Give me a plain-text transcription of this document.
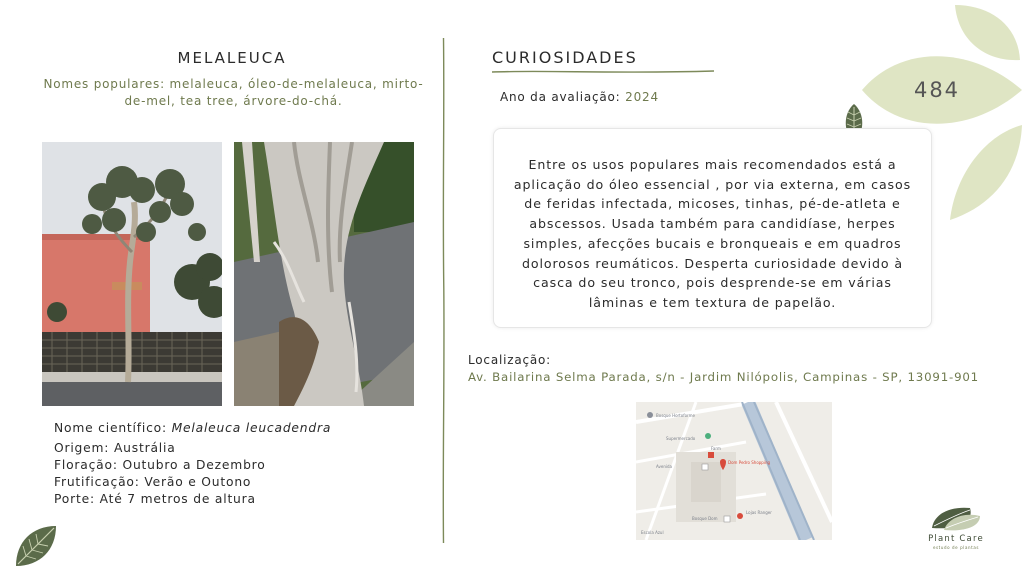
484
MELALEUCA
Nomes populares: melaleuca, óleo-de-melaleuca, mirto-de-mel, tea tree, árvore-do-chá.
Nome científico: Melaleuca leucadendra
Origem: Austrália
Floração: Outubro a Dezembro
Frutificação: Verão e Outono
Porte: Até 7 metros de altura
CURIOSIDADES
Ano da avaliação: 2024
Entre os usos populares mais recomendados está a aplicação do óleo essencial , por via externa, em casos de feridas infectada, micoses, tinhas, pé-de-atleta e abscessos. Usada também para candidíase, herpes simples, afecções bucais e bronqueais e em quadros dolorosos reumáticos. Desperta curiosidade devido à casca do seu tronco, pois desprende-se em várias lâminas e tem textura de papelão.
Localização:
Av. Bailarina Selma Parada, s/n - Jardim Nilópolis, Campinas - SP, 13091-901
Bosque Hortoforme
Supermercado
Farm
Dom Pedro Shopping
Avenida
Lojas Ranger
Bosque Dom
Escola Azul
Plant Care
estudo de plantas
